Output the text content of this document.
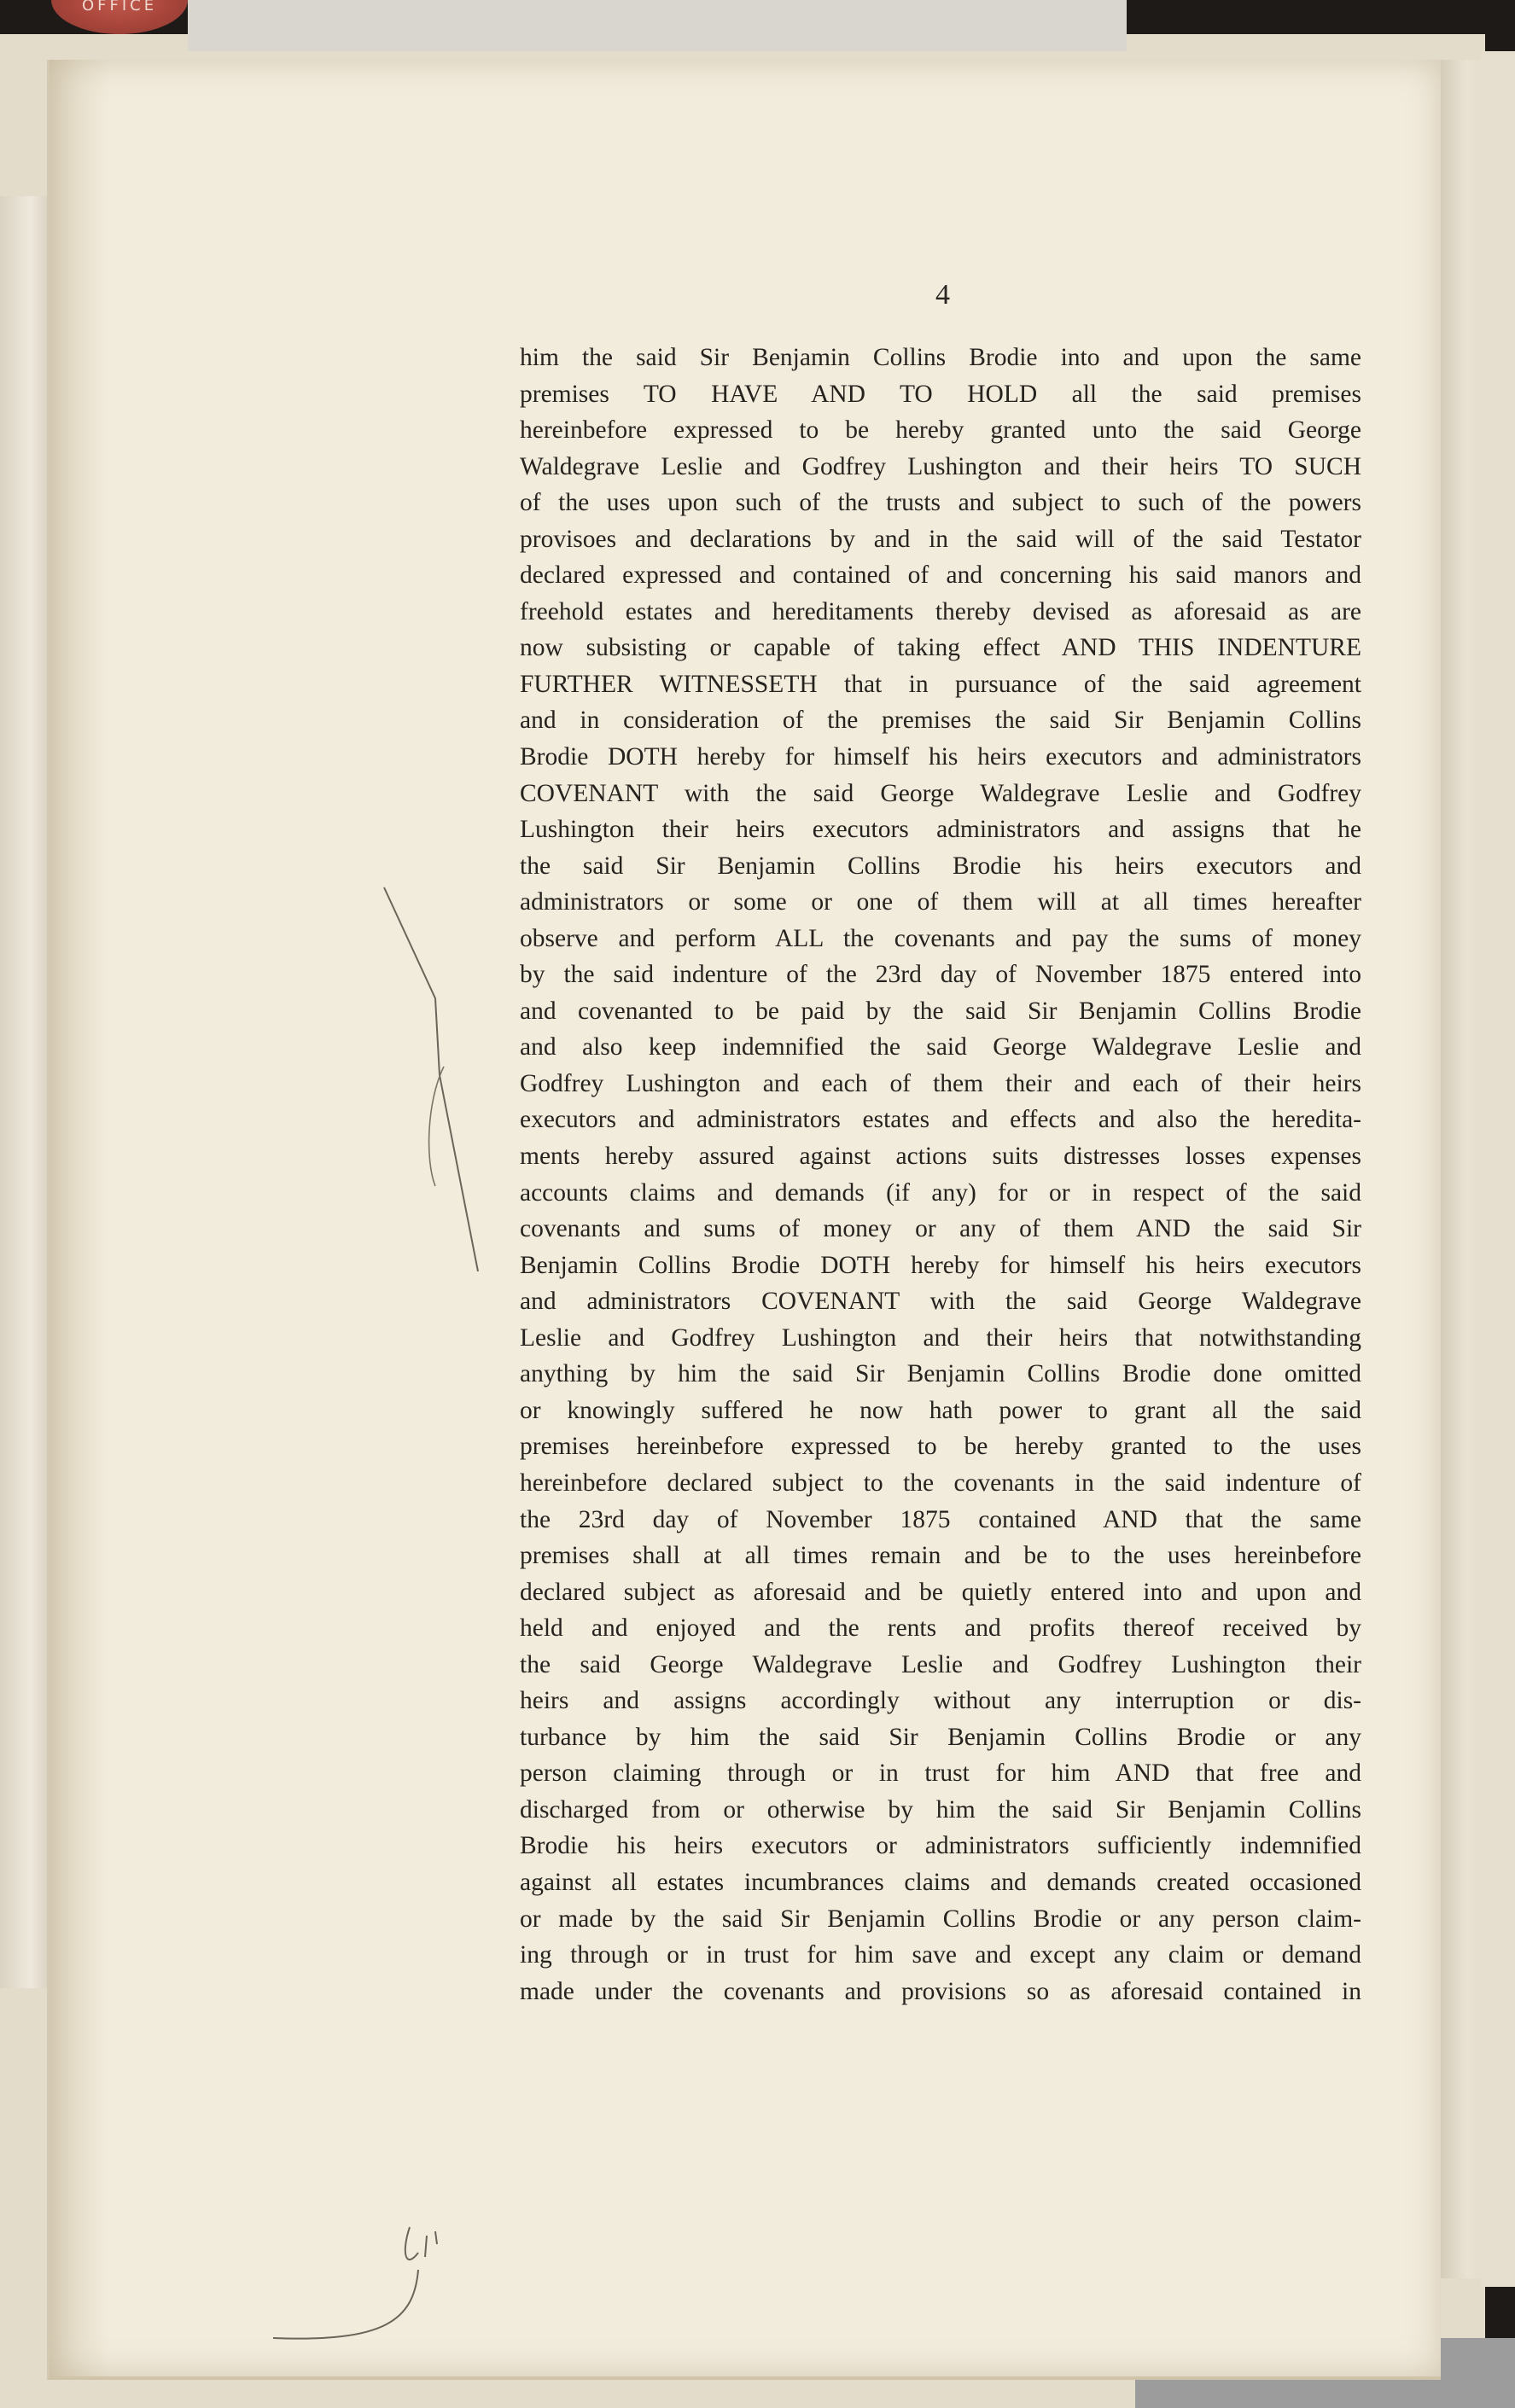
OFFICE
4
him the said Sir Benjamin Collins Brodie into and upon the same
premises TO HAVE AND TO HOLD all the said premises
hereinbefore expressed to be hereby granted unto the said George
Waldegrave Leslie and Godfrey Lushington and their heirs TO SUCH
of the uses upon such of the trusts and subject to such of the powers
provisoes and declarations by and in the said will of the said Testator
declared expressed and contained of and concerning his said manors and
freehold estates and hereditaments thereby devised as aforesaid as are
now subsisting or capable of taking effect AND THIS INDENTURE
FURTHER WITNESSETH that in pursuance of the said agreement
and in consideration of the premises the said Sir Benjamin Collins
Brodie DOTH hereby for himself his heirs executors and administrators
COVENANT with the said George Waldegrave Leslie and Godfrey
Lushington their heirs executors administrators and assigns that he
the said Sir Benjamin Collins Brodie his heirs executors and
administrators or some or one of them will at all times hereafter
observe and perform ALL the covenants and pay the sums of money
by the said indenture of the 23rd day of November 1875 entered into
and covenanted to be paid by the said Sir Benjamin Collins Brodie
and also keep indemnified the said George Waldegrave Leslie and
Godfrey Lushington and each of them their and each of their heirs
executors and administrators estates and effects and also the heredita-
ments hereby assured against actions suits distresses losses expenses
accounts claims and demands (if any) for or in respect of the said
covenants and sums of money or any of them AND the said Sir
Benjamin Collins Brodie DOTH hereby for himself his heirs executors
and administrators COVENANT with the said George Waldegrave
Leslie and Godfrey Lushington and their heirs that notwithstanding
anything by him the said Sir Benjamin Collins Brodie done omitted
or knowingly suffered he now hath power to grant all the said
premises hereinbefore expressed to be hereby granted to the uses
hereinbefore declared subject to the covenants in the said indenture of
the 23rd day of November 1875 contained AND that the same
premises shall at all times remain and be to the uses hereinbefore
declared subject as aforesaid and be quietly entered into and upon and
held and enjoyed and the rents and profits thereof received by
the said George Waldegrave Leslie and Godfrey Lushington their
heirs and assigns accordingly without any interruption or dis-
turbance by him the said Sir Benjamin Collins Brodie or any
person claiming through or in trust for him AND that free and
discharged from or otherwise by him the said Sir Benjamin Collins
Brodie his heirs executors or administrators sufficiently indemnified
against all estates incumbrances claims and demands created occasioned
or made by the said Sir Benjamin Collins Brodie or any person claim-
ing through or in trust for him save and except any claim or demand
made under the covenants and provisions so as aforesaid contained in
